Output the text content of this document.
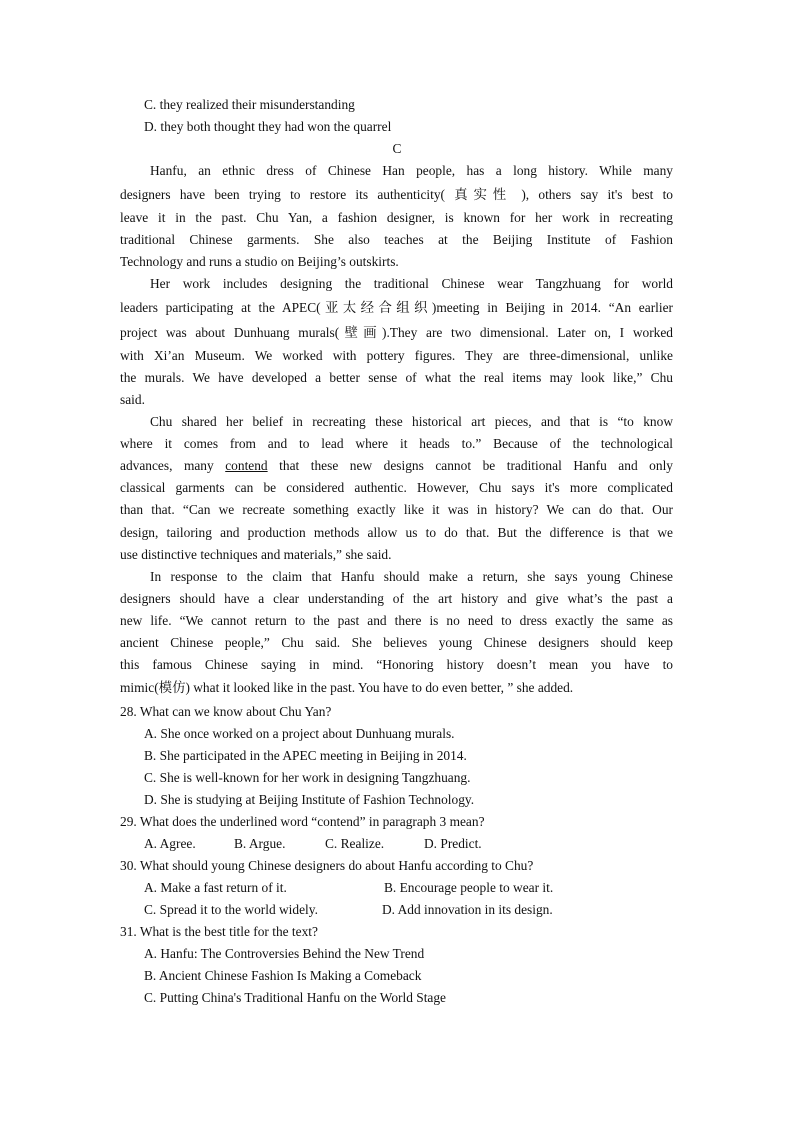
C. they realized their misunderstanding
D. they both thought they had won the quarrel
C
Hanfu, an ethnic dress of Chinese Han people, has a long history. While many
designers have been trying to restore its authenticity( 真实性 ), others say it's best to
leave it in the past. Chu Yan, a fashion designer, is known for her work in recreating
traditional Chinese garments. She also teaches at the Beijing Institute of Fashion
Technology and runs a studio on Beijing’s outskirts.
Her work includes designing the traditional Chinese wear Tangzhuang for world
leaders participating at the APEC(亚太经合组织)meeting in Beijing in 2014. “An earlier
project was about Dunhuang murals(壁画).They are two dimensional. Later on, I worked
with Xi’an Museum. We worked with pottery figures. They are three-dimensional, unlike
the murals. We have developed a better sense of what the real items may look like,” Chu
said.
Chu shared her belief in recreating these historical art pieces, and that is “to know
where it comes from and to lead where it heads to.” Because of the technological
advances, many contend that these new designs cannot be traditional Hanfu and only
classical garments can be considered authentic. However, Chu says it's more complicated
than that. “Can we recreate something exactly like it was in history? We can do that. Our
design, tailoring and production methods allow us to do that. But the difference is that we
use distinctive techniques and materials,” she said.
In response to the claim that Hanfu should make a return, she says young Chinese
designers should have a clear understanding of the art history and give what’s the past a
new life. “We cannot return to the past and there is no need to dress exactly the same as
ancient Chinese people,” Chu said. She believes young Chinese designers should keep
this famous Chinese saying in mind. “Honoring history doesn’t mean you have to
mimic(模仿) what it looked like in the past. You have to do even better, ” she added.
28. What can we know about Chu Yan?
A. She once worked on a project about Dunhuang murals.
B. She participated in the APEC meeting in Beijing in 2014.
C. She is well-known for her work in designing Tangzhuang.
D. She is studying at Beijing Institute of Fashion Technology.
29. What does the underlined word “contend” in paragraph 3 mean?
A. Agree.	B. Argue.	C. Realize.	D. Predict.
30. What should young Chinese designers do about Hanfu according to Chu?
A. Make a fast return of it.	B. Encourage people to wear it.
C. Spread it to the world widely.	D. Add innovation in its design.
31. What is the best title for the text?
A. Hanfu: The Controversies Behind the New Trend
B. Ancient Chinese Fashion Is Making a Comeback
C. Putting China's Traditional Hanfu on the World Stage
